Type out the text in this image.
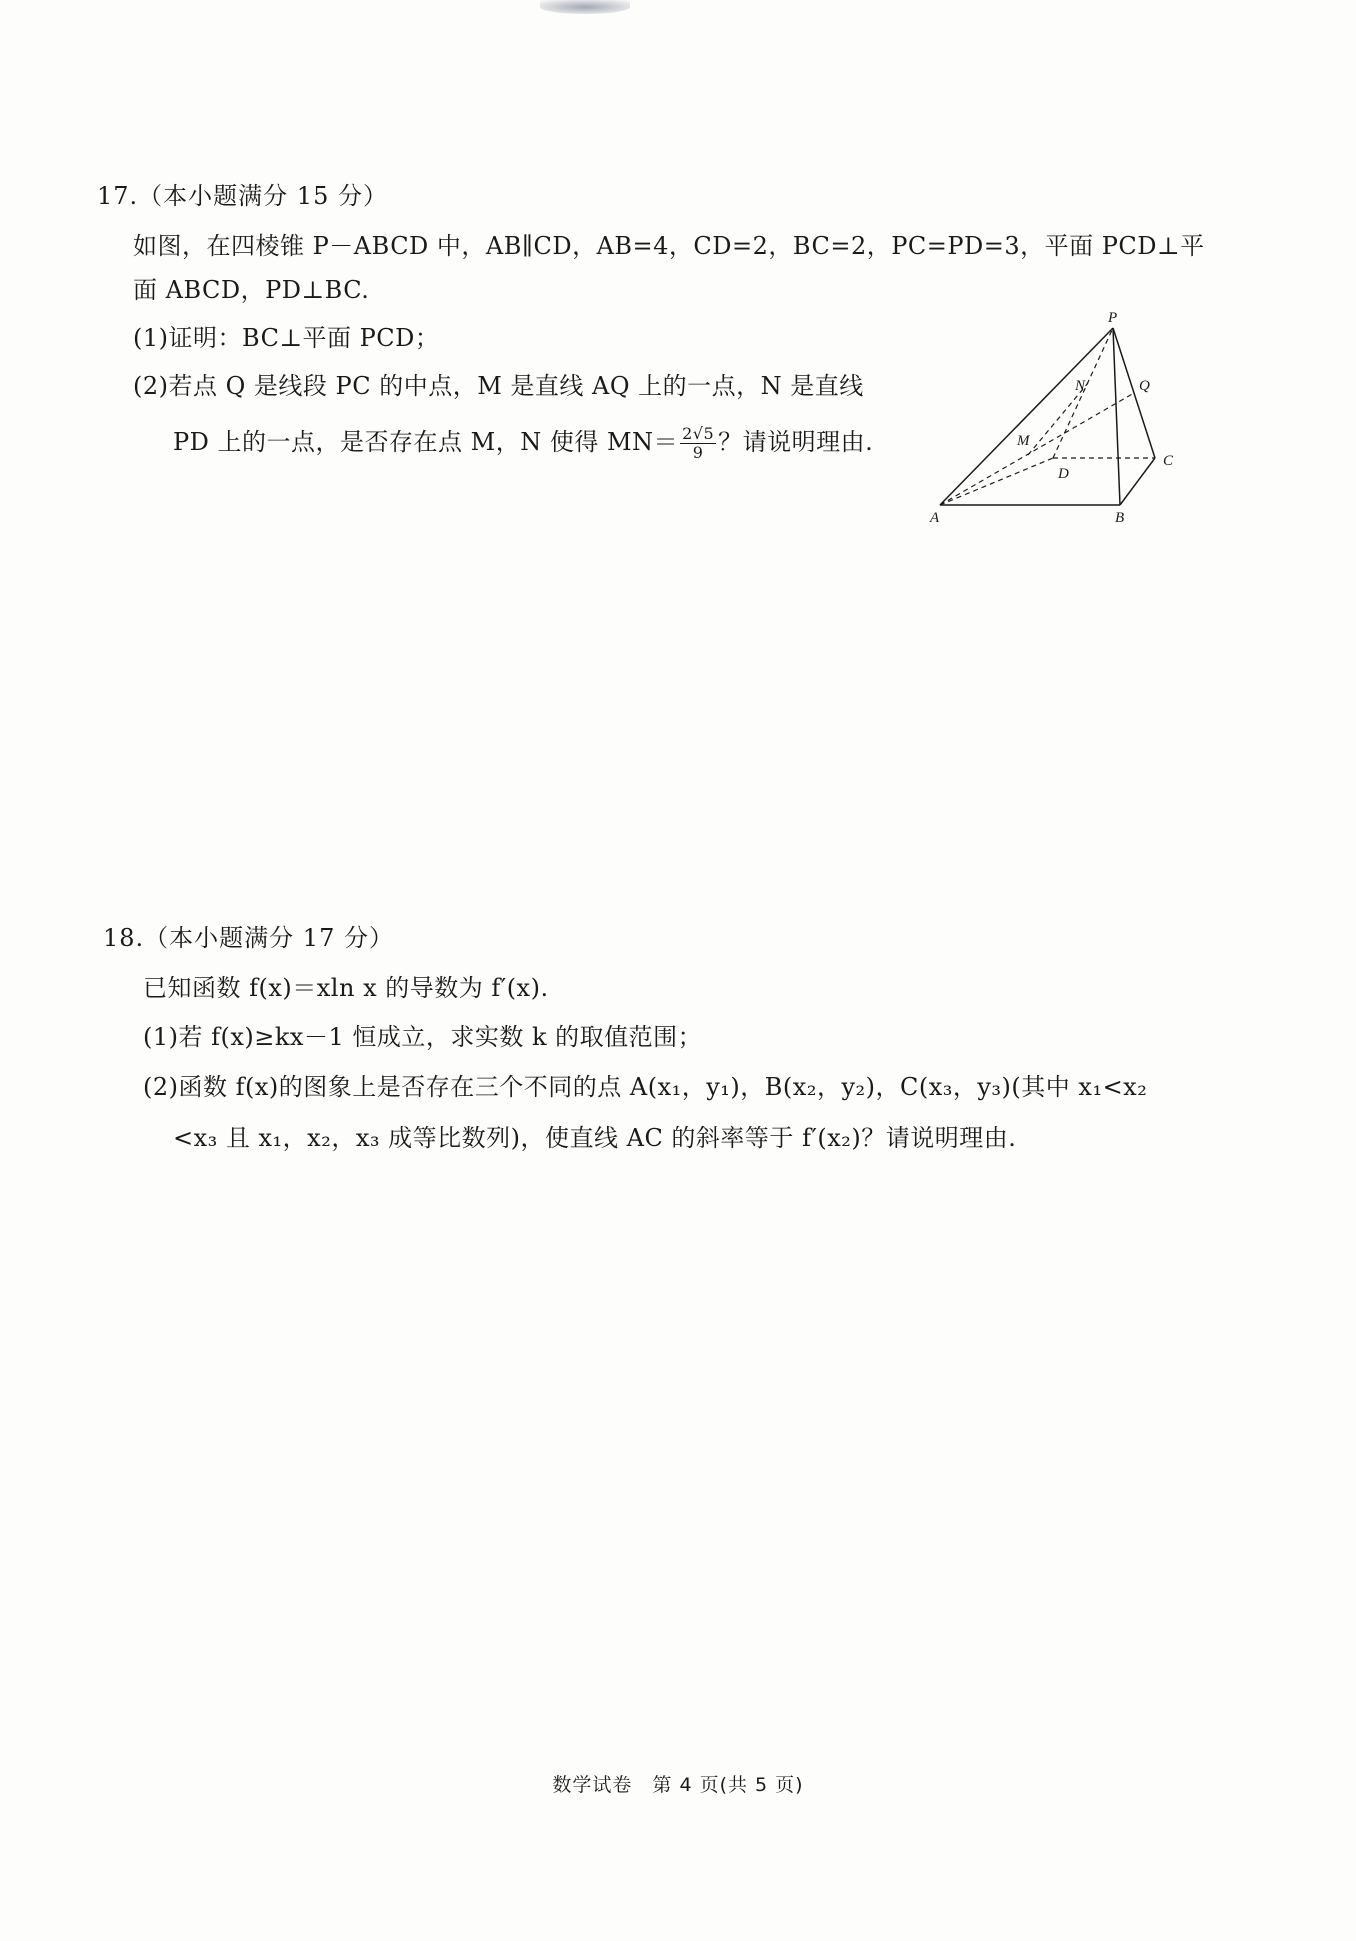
17.（本小题满分 15 分）
如图，在四棱锥 P－ABCD 中，AB∥CD，AB=4，CD=2，BC=2，PC=PD=3，平面 PCD⊥平
面 ABCD，PD⊥BC.
(1)证明：BC⊥平面 PCD；
(2)若点 Q 是线段 PC 的中点，M 是直线 AQ 上的一点，N 是直线
PD 上的一点，是否存在点 M，N 使得 $MN= \frac{2√5}{9}$ ？请说明理由.
P
Q
N
M
D
C
A	B
18.（本小题满分 17 分）
已知函数 f(x)＝xln x 的导数为 f′(x).
(1)若 f(x)≥kx－1 恒成立，求实数 k 的取值范围；
(2)函数 f(x)的图象上是否存在三个不同的点 A(x₁，y₁)，B(x₂，y₂)，C(x₃，y₃)(其中 x₁<x₂
<x₃ 且 x₁，x₂，x₃ 成等比数列)，使直线 AC 的斜率等于 f′(x₂)？请说明理由.
数学试卷　第 4 页(共 5 页)
